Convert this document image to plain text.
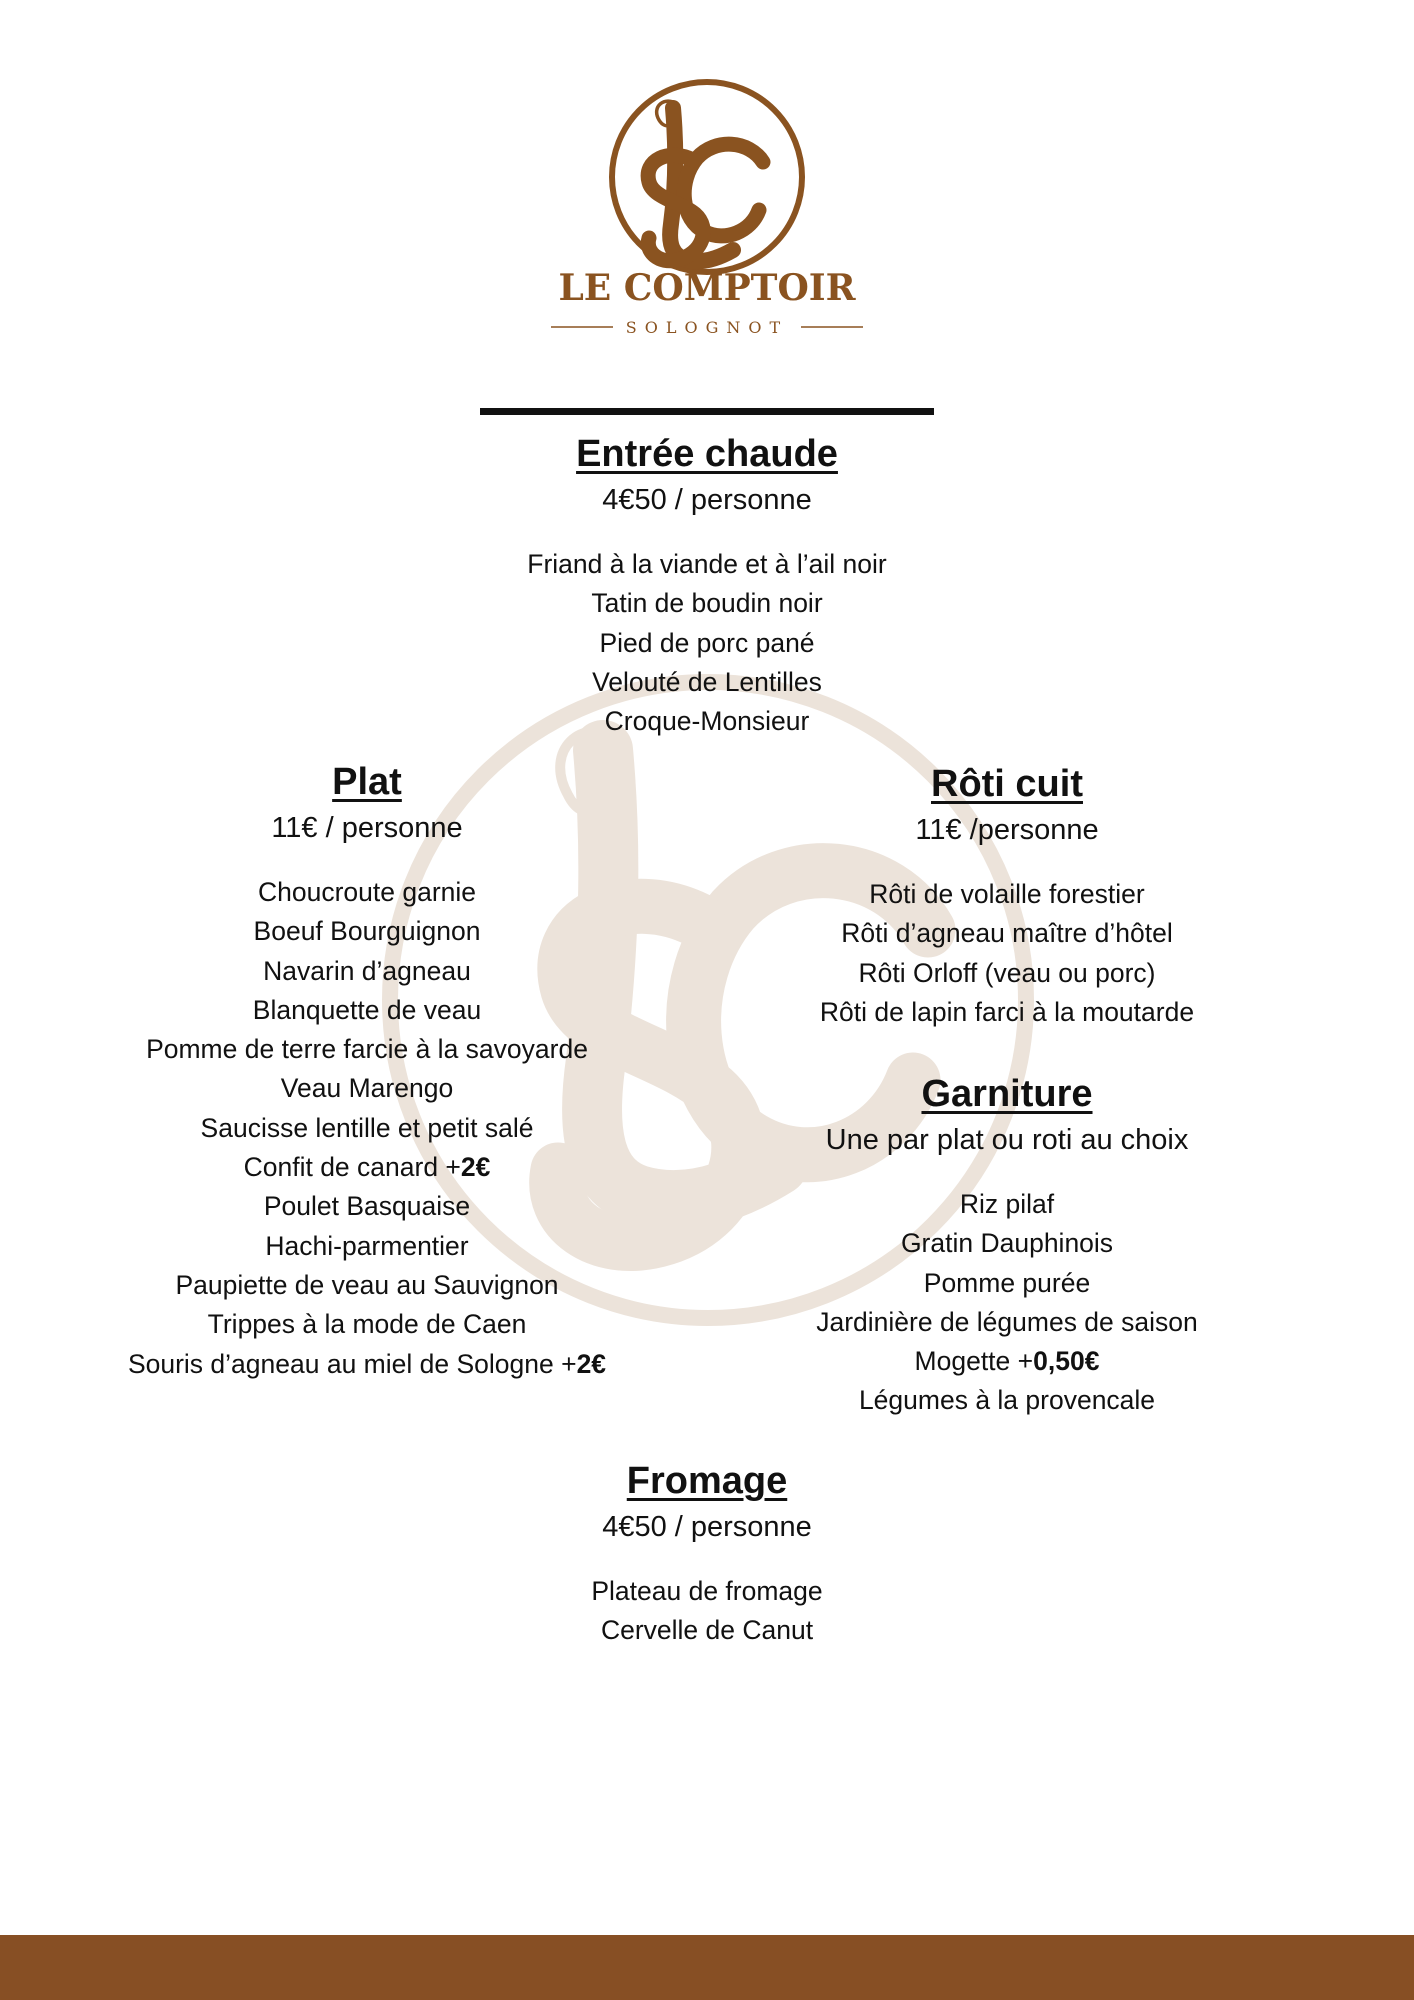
LE COMPTOIR
SOLOGNOT
Entrée chaude
4€50 / personne
Friand à la viande et à l’ail noir
Tatin de boudin noir
Pied de porc pané
Velouté de Lentilles
Croque-Monsieur
Plat
11€ / personne
Choucroute garnie
Boeuf Bourguignon
Navarin d’agneau
Blanquette de veau
Pomme de terre farcie à la savoyarde
Veau Marengo
Saucisse lentille et petit salé
Confit de canard +2€
Poulet Basquaise
Hachi-parmentier
Paupiette de veau au Sauvignon
Trippes à la mode de Caen
Souris d’agneau au miel de Sologne +2€
Rôti cuit
11€ /personne
Rôti de volaille forestier
Rôti d’agneau maître d’hôtel
Rôti Orloff (veau ou porc)
Rôti de lapin farci à la moutarde
Garniture
Une par plat ou roti au choix
Riz pilaf
Gratin Dauphinois
Pomme purée
Jardinière de légumes de saison
Mogette +0,50€
Légumes à la provencale
Fromage
4€50 / personne
Plateau de fromage
Cervelle de Canut
